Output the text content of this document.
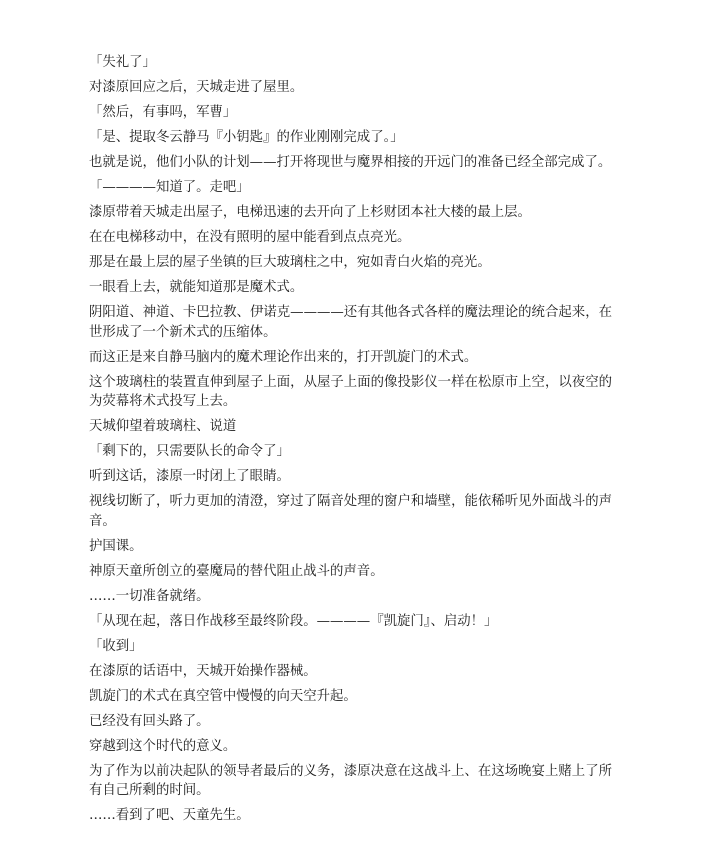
「失礼了」

对漆原回应之后，天城走进了屋里。

「然后，有事吗，军曹」

「是、提取冬云静马『小钥匙』的作业刚刚完成了。」

也就是说，他们小队的计划——打开将现世与魔界相接的开远门的准备已经全部完成了。

「————知道了。走吧」

漆原带着天城走出屋子，电梯迅速的去开向了上杉财团本社大楼的最上层。

在在电梯移动中，在没有照明的屋中能看到点点亮光。

那是在最上层的屋子坐镇的巨大玻璃柱之中，宛如青白火焰的亮光。

一眼看上去，就能知道那是魔术式。

阴阳道、神道、卡巴拉教、伊诺克————还有其他各式各样的魔法理论的统合起来，在世形成了一个新术式的压缩体。

而这正是来自静马脑内的魔术理论作出来的，打开凯旋门的术式。

这个玻璃柱的装置直伸到屋子上面，从屋子上面的像投影仪一样在松原市上空，以夜空的为荧幕将术式投写上去。

天城仰望着玻璃柱、说道

「剩下的，只需要队长的命令了」

听到这话，漆原一时闭上了眼睛。

视线切断了，听力更加的清澄，穿过了隔音处理的窗户和墙壁，能依稀听见外面战斗的声音。

护国课。

神原天童所创立的臺魔局的替代阻止战斗的声音。

……一切准备就绪。

「从现在起，落日作战移至最终阶段。————『凯旋门』、启动！」

「收到」

在漆原的话语中，天城开始操作器械。

凯旋门的术式在真空管中慢慢的向天空升起。

已经没有回头路了。

穿越到这个时代的意义。

为了作为以前决起队的领导者最后的义务，漆原决意在这战斗上、在这场晚宴上赌上了所有自己所剩的时间。

……看到了吧、天童先生。
